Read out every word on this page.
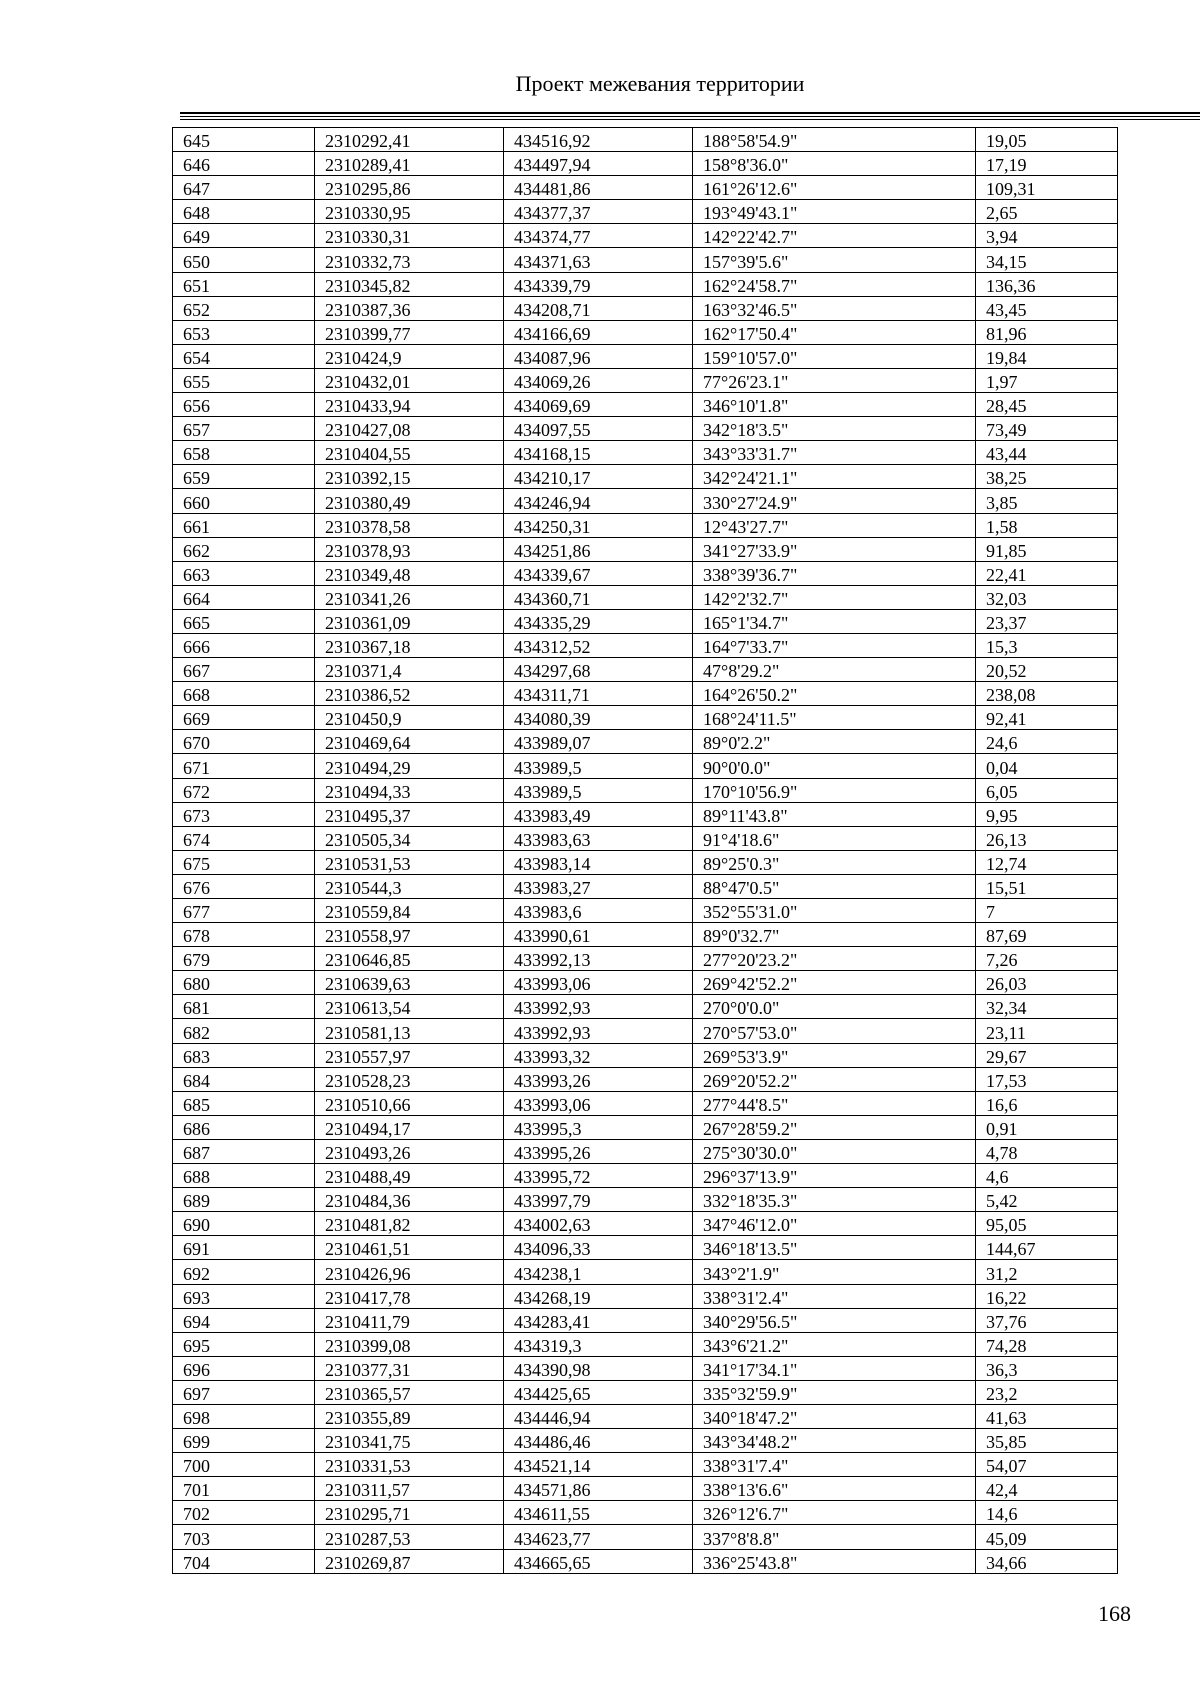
Проект межевания территории
645	2310292,41	434516,92	188°58'54.9"	19,05
646	2310289,41	434497,94	158°8'36.0"	17,19
647	2310295,86	434481,86	161°26'12.6"	109,31
648	2310330,95	434377,37	193°49'43.1"	2,65
649	2310330,31	434374,77	142°22'42.7"	3,94
650	2310332,73	434371,63	157°39'5.6"	34,15
651	2310345,82	434339,79	162°24'58.7"	136,36
652	2310387,36	434208,71	163°32'46.5"	43,45
653	2310399,77	434166,69	162°17'50.4"	81,96
654	2310424,9	434087,96	159°10'57.0"	19,84
655	2310432,01	434069,26	77°26'23.1"	1,97
656	2310433,94	434069,69	346°10'1.8"	28,45
657	2310427,08	434097,55	342°18'3.5"	73,49
658	2310404,55	434168,15	343°33'31.7"	43,44
659	2310392,15	434210,17	342°24'21.1"	38,25
660	2310380,49	434246,94	330°27'24.9"	3,85
661	2310378,58	434250,31	12°43'27.7"	1,58
662	2310378,93	434251,86	341°27'33.9"	91,85
663	2310349,48	434339,67	338°39'36.7"	22,41
664	2310341,26	434360,71	142°2'32.7"	32,03
665	2310361,09	434335,29	165°1'34.7"	23,37
666	2310367,18	434312,52	164°7'33.7"	15,3
667	2310371,4	434297,68	47°8'29.2"	20,52
668	2310386,52	434311,71	164°26'50.2"	238,08
669	2310450,9	434080,39	168°24'11.5"	92,41
670	2310469,64	433989,07	89°0'2.2"	24,6
671	2310494,29	433989,5	90°0'0.0"	0,04
672	2310494,33	433989,5	170°10'56.9"	6,05
673	2310495,37	433983,49	89°11'43.8"	9,95
674	2310505,34	433983,63	91°4'18.6"	26,13
675	2310531,53	433983,14	89°25'0.3"	12,74
676	2310544,3	433983,27	88°47'0.5"	15,51
677	2310559,84	433983,6	352°55'31.0"	7
678	2310558,97	433990,61	89°0'32.7"	87,69
679	2310646,85	433992,13	277°20'23.2"	7,26
680	2310639,63	433993,06	269°42'52.2"	26,03
681	2310613,54	433992,93	270°0'0.0"	32,34
682	2310581,13	433992,93	270°57'53.0"	23,11
683	2310557,97	433993,32	269°53'3.9"	29,67
684	2310528,23	433993,26	269°20'52.2"	17,53
685	2310510,66	433993,06	277°44'8.5"	16,6
686	2310494,17	433995,3	267°28'59.2"	0,91
687	2310493,26	433995,26	275°30'30.0"	4,78
688	2310488,49	433995,72	296°37'13.9"	4,6
689	2310484,36	433997,79	332°18'35.3"	5,42
690	2310481,82	434002,63	347°46'12.0"	95,05
691	2310461,51	434096,33	346°18'13.5"	144,67
692	2310426,96	434238,1	343°2'1.9"	31,2
693	2310417,78	434268,19	338°31'2.4"	16,22
694	2310411,79	434283,41	340°29'56.5"	37,76
695	2310399,08	434319,3	343°6'21.2"	74,28
696	2310377,31	434390,98	341°17'34.1"	36,3
697	2310365,57	434425,65	335°32'59.9"	23,2
698	2310355,89	434446,94	340°18'47.2"	41,63
699	2310341,75	434486,46	343°34'48.2"	35,85
700	2310331,53	434521,14	338°31'7.4"	54,07
701	2310311,57	434571,86	338°13'6.6"	42,4
702	2310295,71	434611,55	326°12'6.7"	14,6
703	2310287,53	434623,77	337°8'8.8"	45,09
704	2310269,87	434665,65	336°25'43.8"	34,66
168
